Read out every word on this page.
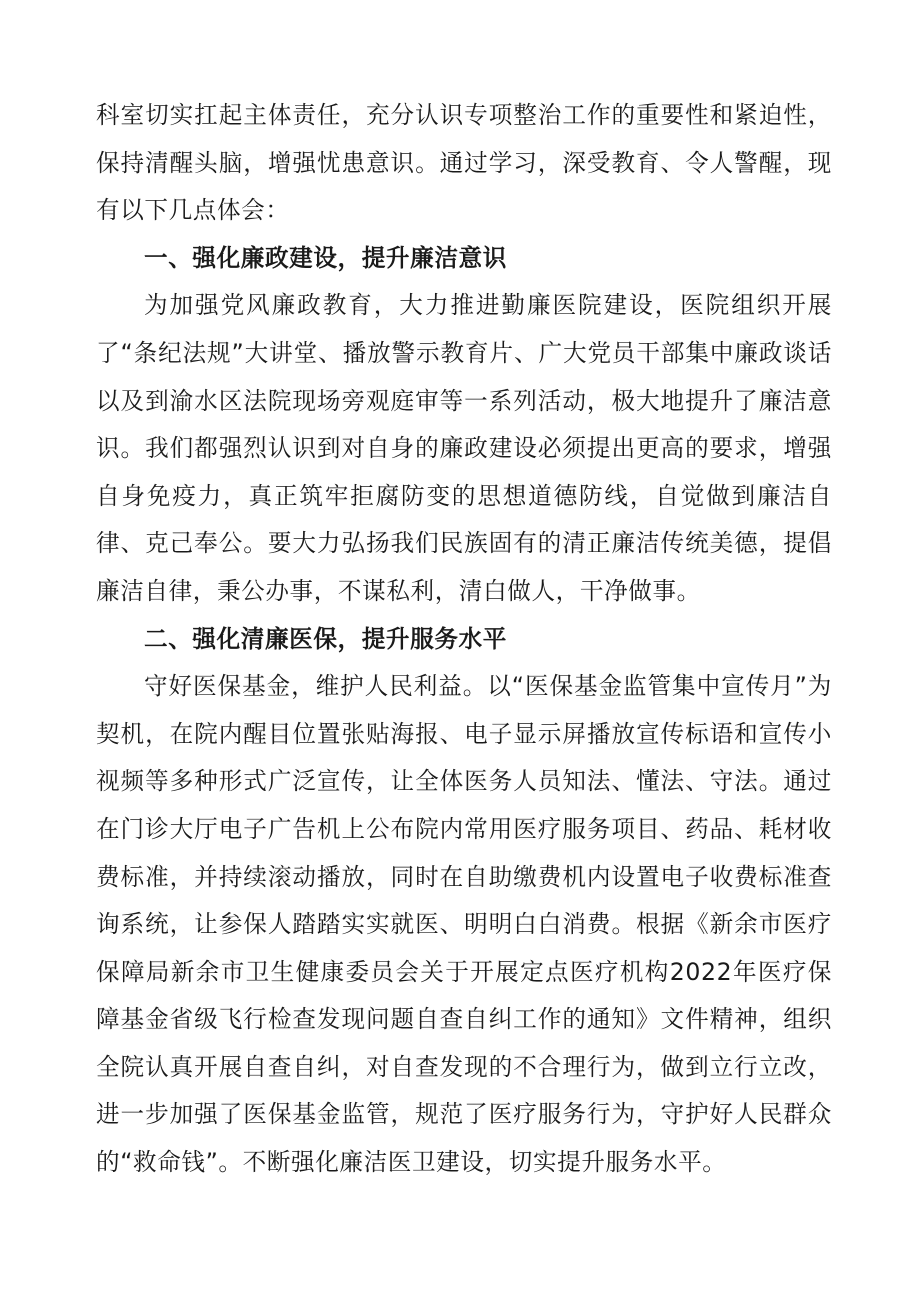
科室切实扛起主体责任，充分认识专项整治工作的重要性和紧迫性，保持清醒头脑，增强忧患意识。通过学习，深受教育、令人警醒，现有以下几点体会：

一、强化廉政建设，提升廉洁意识

为加强党风廉政教育，大力推进勤廉医院建设，医院组织开展了“条纪法规”大讲堂、播放警示教育片、广大党员干部集中廉政谈话以及到渝水区法院现场旁观庭审等一系列活动，极大地提升了廉洁意识。我们都强烈认识到对自身的廉政建设必须提出更高的要求，增强自身免疫力，真正筑牢拒腐防变的思想道德防线，自觉做到廉洁自律、克己奉公。要大力弘扬我们民族固有的清正廉洁传统美德，提倡廉洁自律，秉公办事，不谋私利，清白做人，干净做事。

二、强化清廉医保，提升服务水平

守好医保基金，维护人民利益。以“医保基金监管集中宣传月”为契机，在院内醒目位置张贴海报、电子显示屏播放宣传标语和宣传小视频等多种形式广泛宣传，让全体医务人员知法、懂法、守法。通过在门诊大厅电子广告机上公布院内常用医疗服务项目、药品、耗材收费标准，并持续滚动播放，同时在自助缴费机内设置电子收费标准查询系统，让参保人踏踏实实就医、明明白白消费。根据《新余市医疗保障局新余市卫生健康委员会关于开展定点医疗机构2022年医疗保障基金省级飞行检查发现问题自查自纠工作的通知》文件精神，组织全院认真开展自查自纠，对自查发现的不合理行为，做到立行立改，进一步加强了医保基金监管，规范了医疗服务行为，守护好人民群众的“救命钱”。不断强化廉洁医卫建设，切实提升服务水平。
